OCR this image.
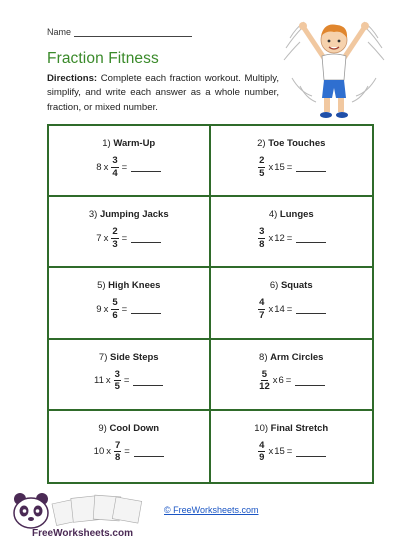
Name
Fraction Fitness
Directions: Complete each fraction workout. Multiply, simplify, and write each answer as a whole number, fraction, or mixed number.
1) Warm-Up
8 x $\frac{3}{4}$ =
2) Toe Touches
$\frac{2}{5}$ x 15 =
3) Jumping Jacks
7 x $\frac{2}{3}$ =
4) Lunges
$\frac{3}{8}$ x 12 =
5) High Knees
9 x $\frac{5}{6}$ =
6) Squats
$\frac{4}{7}$ x 14 =
7) Side Steps
11 x $\frac{3}{5}$ =
8) Arm Circles
$\frac{5}{12}$ x 6 =
9) Cool Down
10 x $\frac{7}{8}$ =
10) Final Stretch
$\frac{4}{9}$ x 15 =
FreeWorksheets.com
© FreeWorksheets.com
